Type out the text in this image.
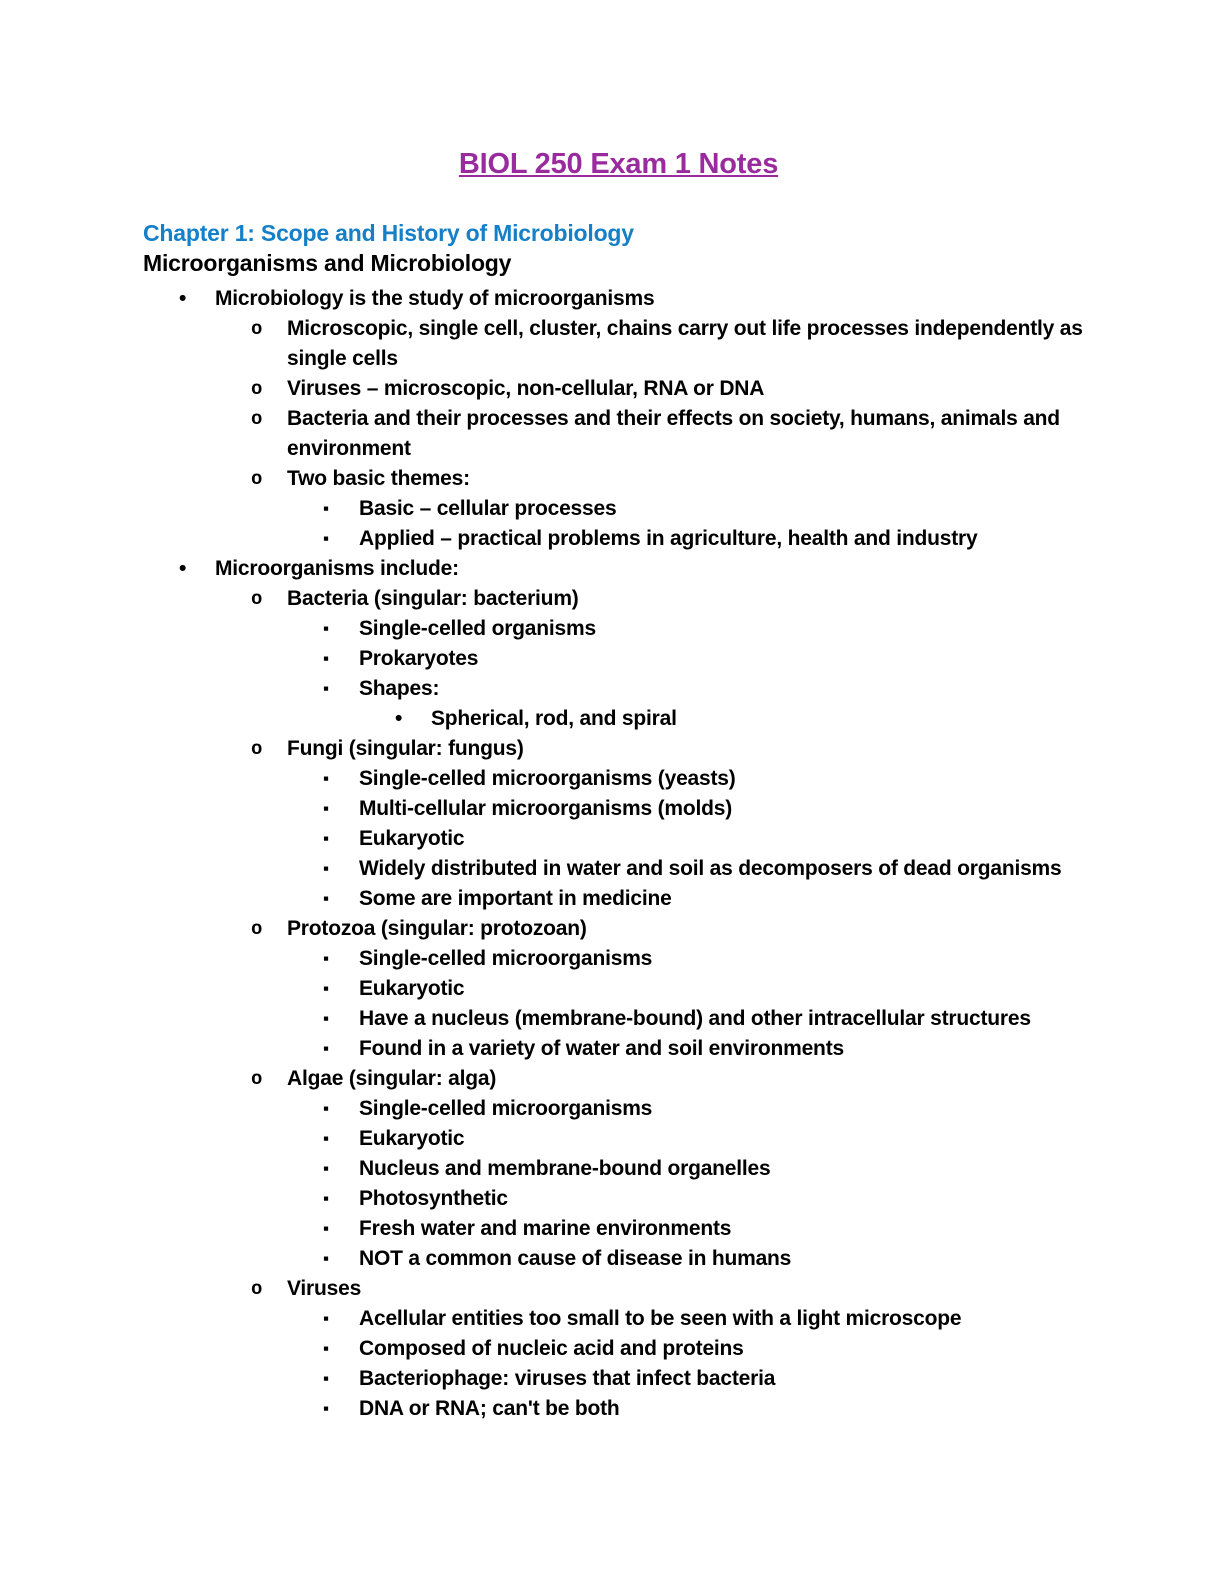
BIOL 250 Exam 1 Notes
Chapter 1: Scope and History of Microbiology
Microorganisms and Microbiology
•	Microbiology is the study of microorganisms
o	Microscopic, single cell, cluster, chains carry out life processes independently as single cells
o	Viruses – microscopic, non-cellular, RNA or DNA
o	Bacteria and their processes and their effects on society, humans, animals and environment
o	Two basic themes:
▪	Basic – cellular processes
▪	Applied – practical problems in agriculture, health and industry
•	Microorganisms include:
o	Bacteria (singular: bacterium)
▪	Single-celled organisms
▪	Prokaryotes
▪	Shapes:
•	Spherical, rod, and spiral
o	Fungi (singular: fungus)
▪	Single-celled microorganisms (yeasts)
▪	Multi-cellular microorganisms (molds)
▪	Eukaryotic
▪	Widely distributed in water and soil as decomposers of dead organisms
▪	Some are important in medicine
o	Protozoa (singular: protozoan)
▪	Single-celled microorganisms
▪	Eukaryotic
▪	Have a nucleus (membrane-bound) and other intracellular structures
▪	Found in a variety of water and soil environments
o	Algae (singular: alga)
▪	Single-celled microorganisms
▪	Eukaryotic
▪	Nucleus and membrane-bound organelles
▪	Photosynthetic
▪	Fresh water and marine environments
▪	NOT a common cause of disease in humans
o	Viruses
▪	Acellular entities too small to be seen with a light microscope
▪	Composed of nucleic acid and proteins
▪	Bacteriophage: viruses that infect bacteria
▪	DNA or RNA; can't be both
